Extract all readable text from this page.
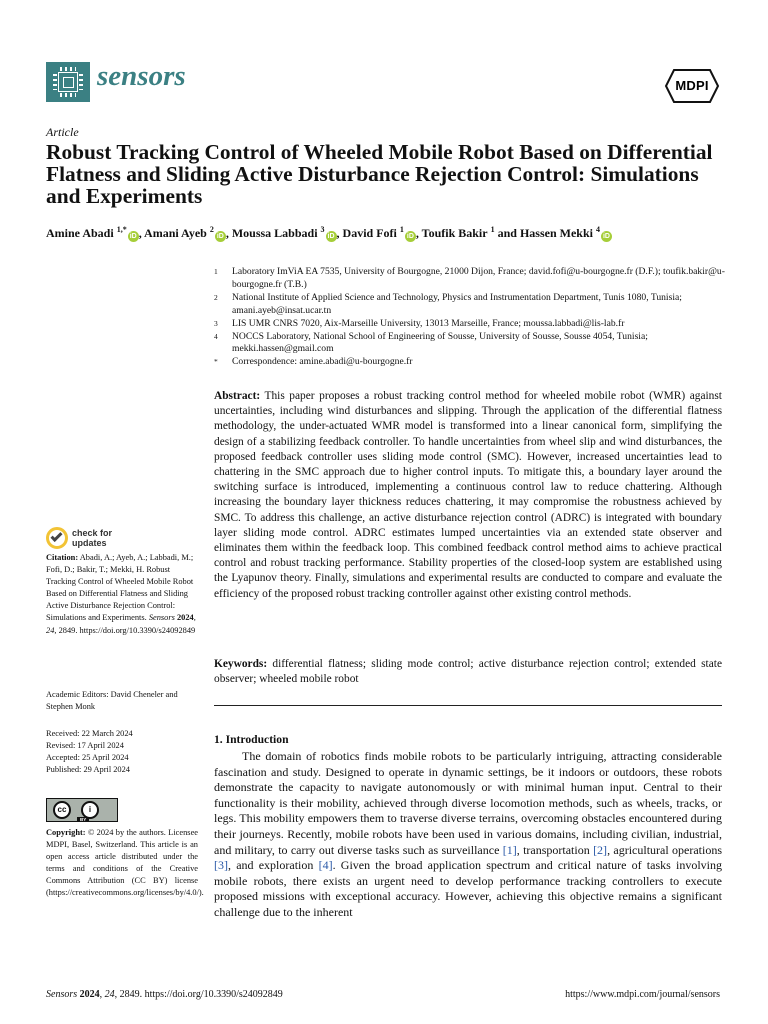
sensors	MDPI
Article
Robust Tracking Control of Wheeled Mobile Robot Based on Differential Flatness and Sliding Active Disturbance Rejection Control: Simulations and Experiments
Amine Abadi $^{1,*}$iD , Amani Ayeb $^2$iD , Moussa Labbadi $^3$iD , David Fofi $^1$iD , Toufik Bakir $^1$ and Hassen Mekki $^4$iD
1	Laboratory ImViA EA 7535, University of Bourgogne, 21000 Dijon, France; david.fofi@u-bourgogne.fr (D.F.); toufik.bakir@u-bourgogne.fr (T.B.)
2	National Institute of Applied Science and Technology, Physics and Instrumentation Department, Tunis 1080, Tunisia; amani.ayeb@insat.ucar.tn
3	LIS UMR CNRS 7020, Aix-Marseille University, 13013 Marseille, France; moussa.labbadi@lis-lab.fr
4	NOCCS Laboratory, National School of Engineering of Sousse, University of Sousse, Sousse 4054, Tunisia; mekki.hassen@gmail.com
*	Correspondence: amine.abadi@u-bourgogne.fr
Abstract: This paper proposes a robust tracking control method for wheeled mobile robot (WMR) against uncertainties, including wind disturbances and slipping. Through the application of the differential flatness methodology, the under-actuated WMR model is transformed into a linear canonical form, simplifying the design of a stabilizing feedback controller. To handle uncertainties from wheel slip and wind disturbances, the proposed feedback controller uses sliding mode control (SMC). However, increased uncertainties lead to chattering in the SMC approach due to higher control inputs. To mitigate this, a boundary layer around the switching surface is introduced, implementing a continuous control law to reduce chattering. Although increasing the boundary layer thickness reduces chattering, it may compromise the robustness achieved by SMC. To address this challenge, an active disturbance rejection control (ADRC) is integrated with boundary layer sliding mode control. ADRC estimates lumped uncertainties via an extended state observer and eliminates them within the feedback loop. This combined feedback control method aims to achieve practical control and robust tracking performance. Stability properties of the closed-loop system are established using the Lyapunov theory. Finally, simulations and experimental results are conducted to compare and evaluate the efficiency of the proposed robust tracking controller against other existing control methods.
Keywords: differential flatness; sliding mode control; active disturbance rejection control; extended state observer; wheeled mobile robot
1. Introduction

The domain of robotics finds mobile robots to be particularly intriguing, attracting considerable fascination and study. Designed to operate in dynamic settings, be it indoors or outdoors, these robots demonstrate the capacity to navigate autonomously or with minimal human input. Central to their functionality is their mobility, achieved through diverse locomotion methods, such as wheels, tracks, or legs. This mobility empowers them to traverse diverse terrains, overcoming obstacles encountered during their journeys. Recently, mobile robots have been used in various domains, including civilian, industrial, and military, to carry out diverse tasks such as surveillance [1], transportation [2], agricultural operations [3], and exploration [4]. Given the broad application spectrum and critical nature of tasks involving mobile robots, there exists an urgent need to develop performance tracking controllers to execute proposed missions with exceptional accuracy. However, achieving this objective remains a significant challenge due to the inherent

check for
updates
Citation: Abadi, A.; Ayeb, A.; Labbadi, M.; Fofi, D.; Bakir, T.; Mekki, H. Robust Tracking Control of Wheeled Mobile Robot Based on Differential Flatness and Sliding Active Disturbance Rejection Control: Simulations and Experiments. Sensors 2024, 24, 2849. https://doi.org/10.3390/s24092849
Academic Editors: David Cheneler and Stephen Monk
Received: 22 March 2024
Revised: 17 April 2024
Accepted: 25 April 2024
Published: 29 April 2024
cc	i
BY
Copyright: © 2024 by the authors. Licensee MDPI, Basel, Switzerland. This article is an open access article distributed under the terms and conditions of the Creative Commons Attribution (CC BY) license (https://creativecommons.org/licenses/by/4.0/).
Sensors 2024, 24, 2849. https://doi.org/10.3390/s24092849	https://www.mdpi.com/journal/sensors
